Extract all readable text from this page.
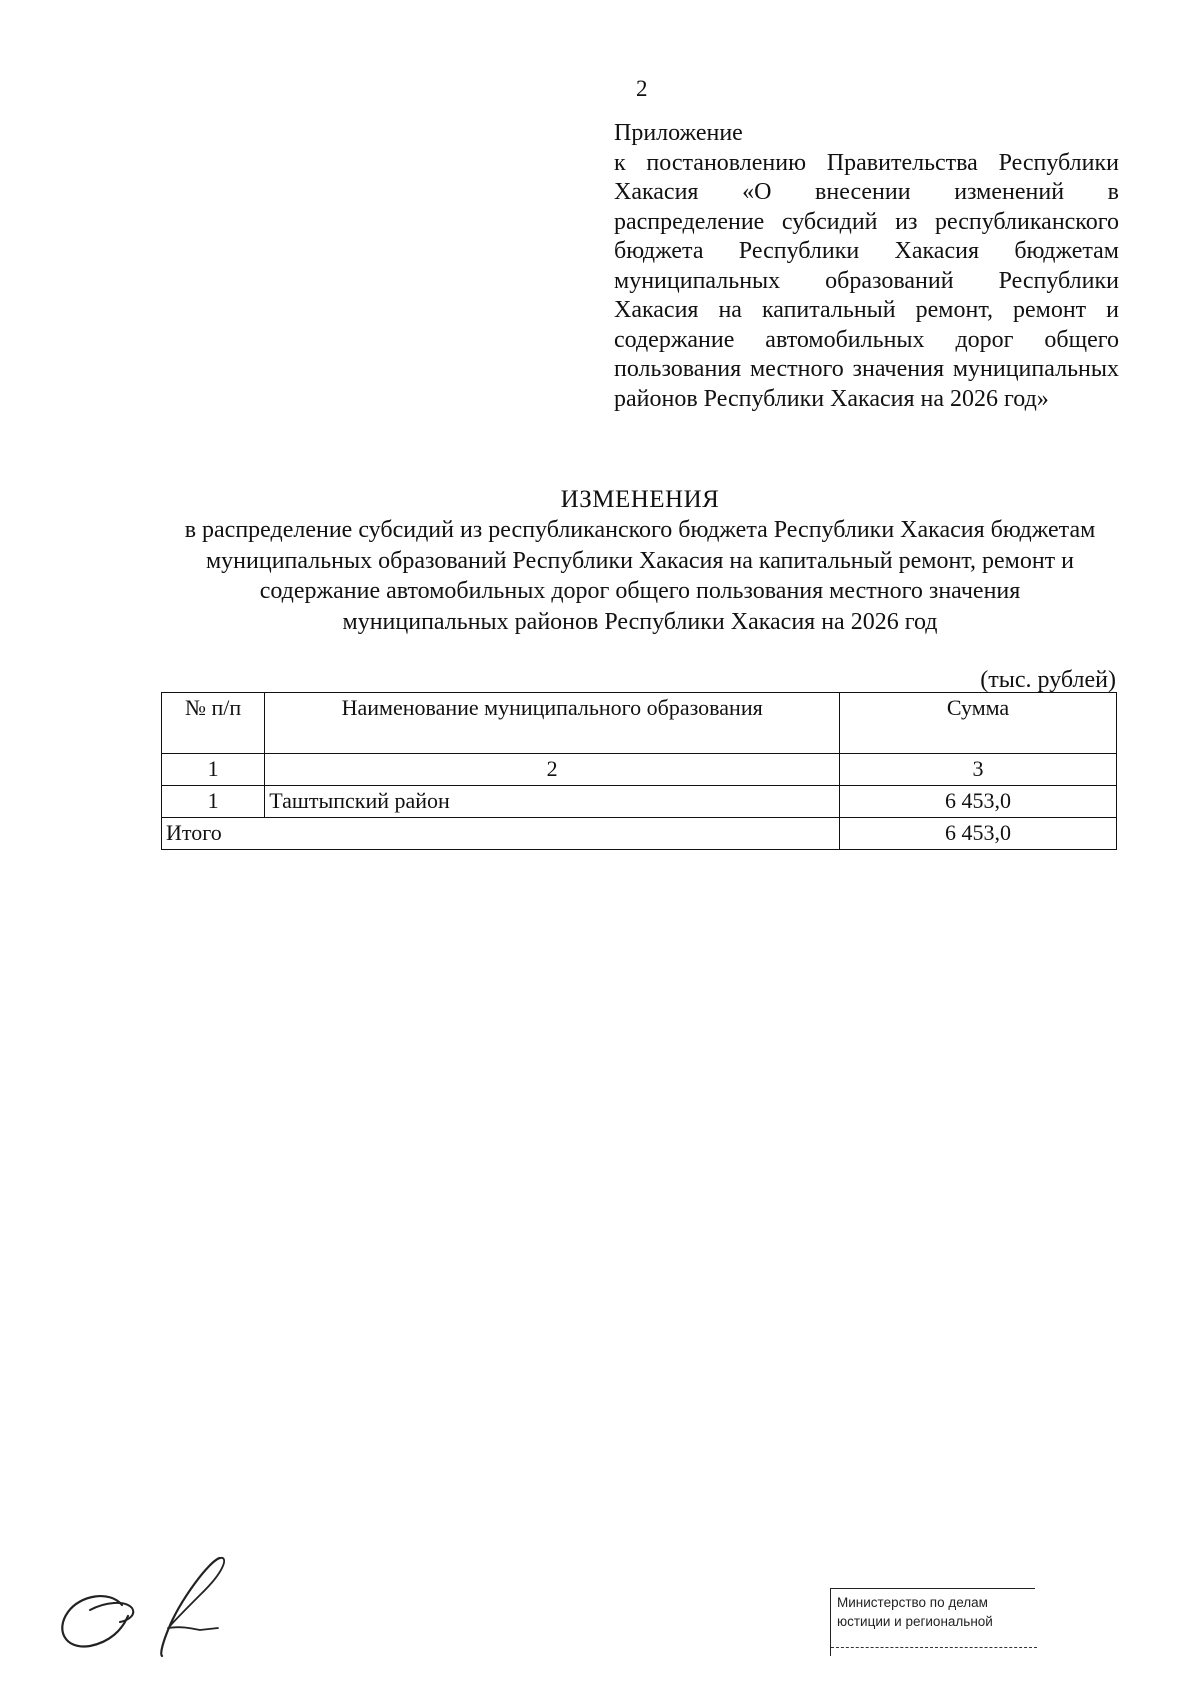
2
Приложение
к постановлению Правительства Республики Хакасия «О внесении изменений в распределение субсидий из республиканского бюджета Республики Хакасия бюджетам муниципальных образований Республики Хакасия на капитальный ремонт, ремонт и содержание автомобильных дорог общего пользования местного значения муниципальных районов Республики Хакасия на 2026 год»
ИЗМЕНЕНИЯ
в распределение субсидий из республиканского бюджета Республики Хакасия бюджетам муниципальных образований Республики Хакасия на капитальный ремонт, ремонт и содержание автомобильных дорог общего пользования местного значения муниципальных районов Республики Хакасия на 2026 год
(тыс. рублей)
№ п/п	Наименование муниципального образования	Сумма
1	2	3
1	Таштыпский район	6 453,0
Итого		6 453,0
Министерство по делам
юстиции и региональной
